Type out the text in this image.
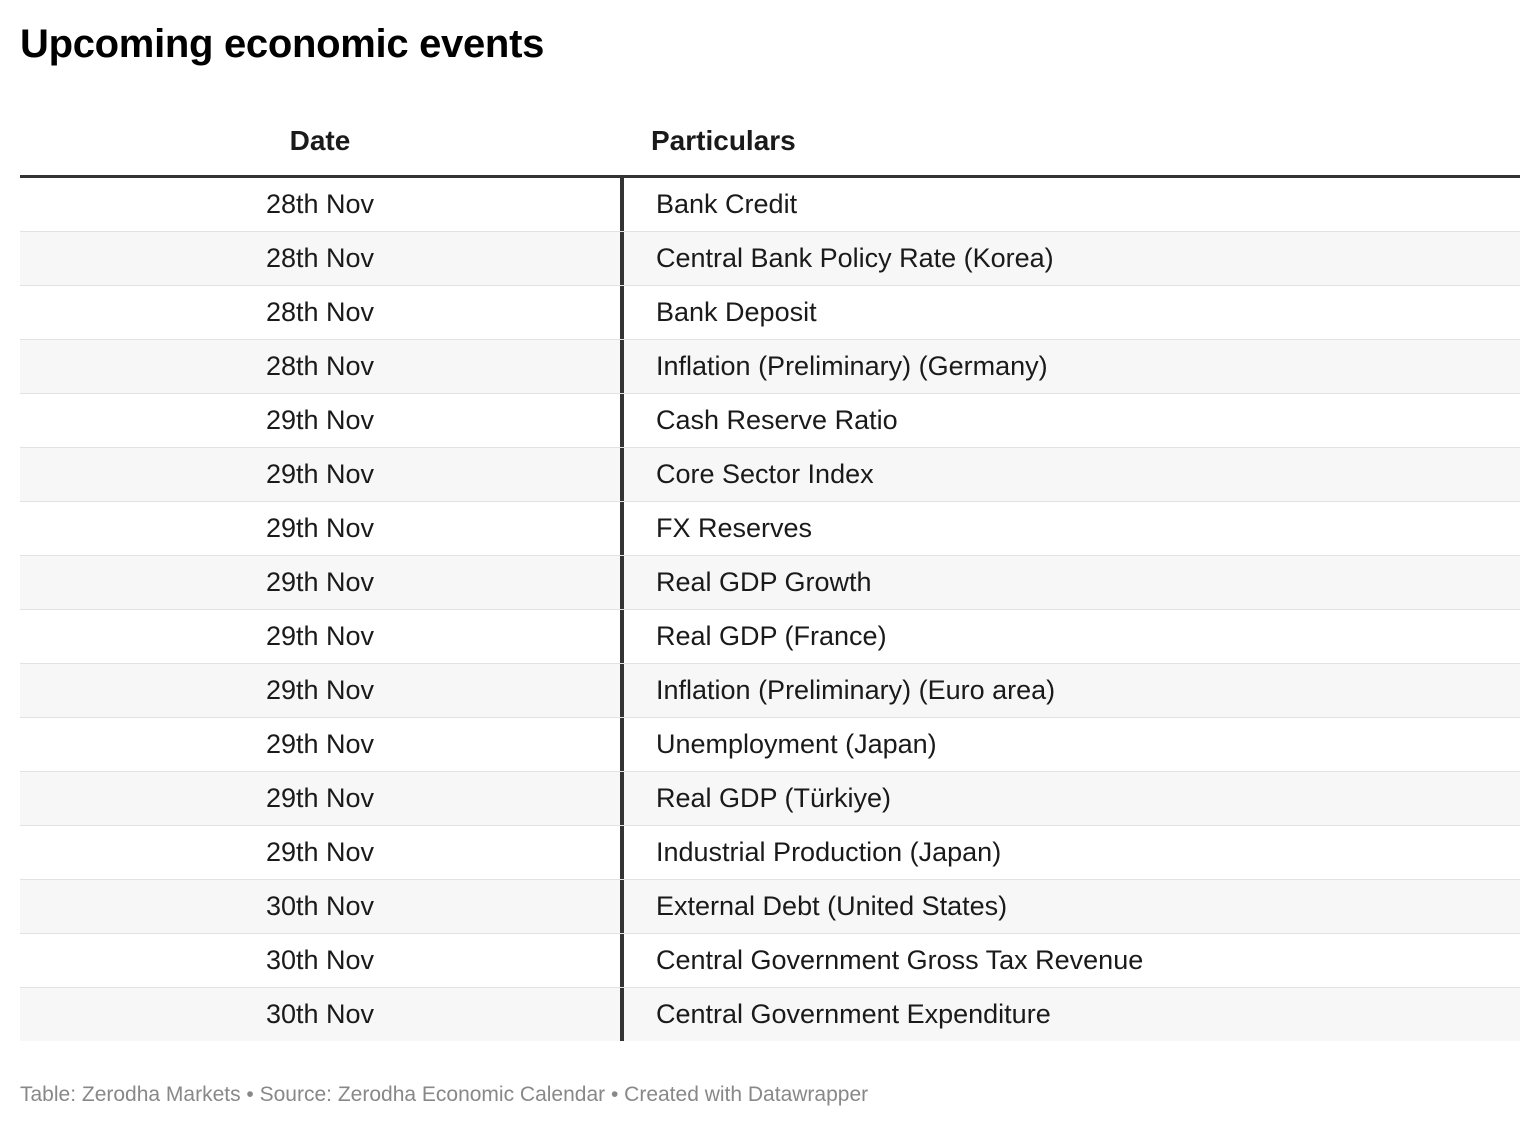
Upcoming economic events
Date	Particulars
28th Nov	Bank Credit
28th Nov	Central Bank Policy Rate (Korea)
28th Nov	Bank Deposit
28th Nov	Inflation (Preliminary) (Germany)
29th Nov	Cash Reserve Ratio
29th Nov	Core Sector Index
29th Nov	FX Reserves
29th Nov	Real GDP Growth
29th Nov	Real GDP (France)
29th Nov	Inflation (Preliminary) (Euro area)
29th Nov	Unemployment (Japan)
29th Nov	Real GDP (Türkiye)
29th Nov	Industrial Production (Japan)
30th Nov	External Debt (United States)
30th Nov	Central Government Gross Tax Revenue
30th Nov	Central Government Expenditure
Table: Zerodha Markets • Source: Zerodha Economic Calendar • Created with Datawrapper
